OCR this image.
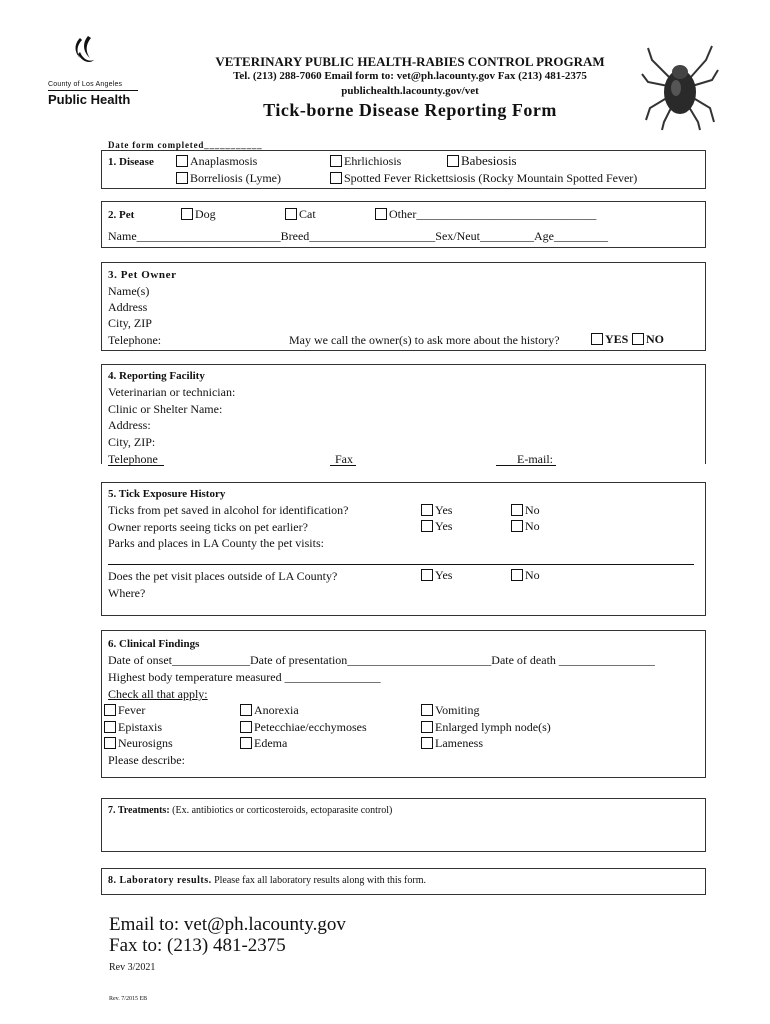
County of Los Angeles
Public Health
VETERINARY PUBLIC HEALTH-RABIES CONTROL PROGRAM
Tel. (213) 288-7060 Email form to: vet@ph.lacounty.gov Fax (213) 481-2375
publichealth.lacounty.gov/vet
Tick-borne Disease Reporting Form
Date form completed___________
1. Disease	Anaplasmosis	Ehrlichiosis	Babesiosis
Borreliosis (Lyme)	Spotted Fever Rickettsiosis (Rocky Mountain Spotted Fever)
2. Pet	Dog	Cat	Other______________________________
Name________________________Breed_____________________Sex/Neut_________Age_________
3. Pet Owner
Name(s)
Address
City, ZIP
Telephone:	May we call the owner(s) to ask more about the history?	YES	NO
4. Reporting Facility
Veterinarian or technician:
Clinic or Shelter Name:
Address:
City, ZIP:
Telephone	Fax	E-mail:
5. Tick Exposure History
Ticks from pet saved in alcohol for identification?	Yes	No
Owner reports seeing ticks on pet earlier?	Yes	No
Parks and places in LA County the pet visits:
Does the pet visit places outside of LA County?	Yes	No
Where?
6. Clinical Findings
Date of onset_____________Date of presentation________________________Date of death ________________
Highest body temperature measured ________________
Check all that apply:
Fever	Anorexia	Vomiting
Epistaxis	Petecchiae/ecchymoses	Enlarged lymph node(s)
Neurosigns	Edema	Lameness
Please describe:
7. Treatments: (Ex. antibiotics or corticosteroids, ectoparasite control)
8. Laboratory results. Please fax all laboratory results along with this form.
Email to: vet@ph.lacounty.gov
Fax to: (213) 481-2375
Rev 3/2021
Rev. 7/2015 EB
